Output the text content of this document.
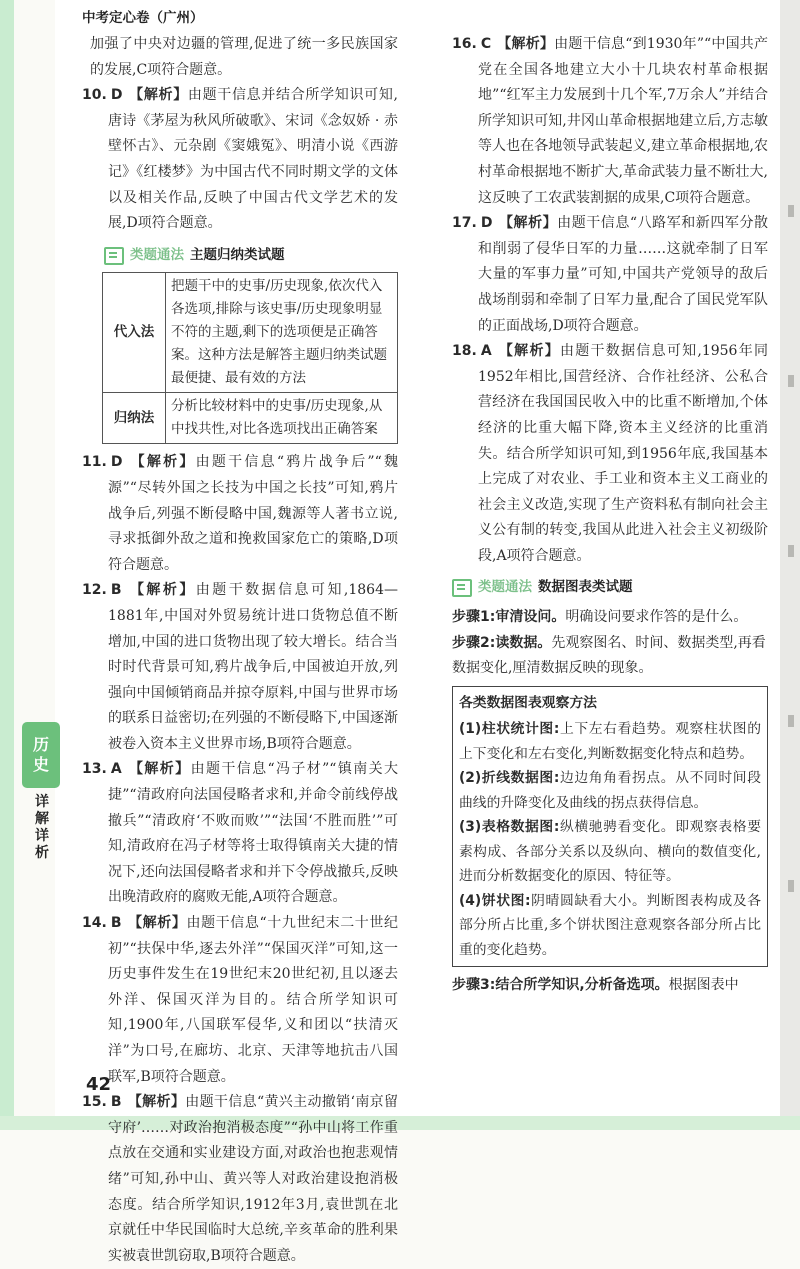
中考定心卷（广州）
历
史
详
解
详
析

加强了中央对边疆的管理,促进了统一多民族国家的发展,C项符合题意。

10. D 【解析】由题干信息并结合所学知识可知,唐诗《茅屋为秋风所破歌》、宋词《念奴娇 · 赤壁怀古》、元杂剧《窦娥冤》、明清小说《西游记》《红楼梦》为中国古代不同时期文学的文体以及相关作品,反映了中国古代文学艺术的发展,D项符合题意。

类题通法 主题归纳类试题
代入法	把题干中的史事/历史现象,依次代入各选项,排除与该史事/历史现象明显不符的主题,剩下的选项便是正确答案。这种方法是解答主题归纳类试题最便捷、最有效的方法
归纳法	分析比较材料中的史事/历史现象,从中找共性,对比各选项找出正确答案

11. D 【解析】由题干信息“鸦片战争后”“魏源”“尽转外国之长技为中国之长技”可知,鸦片战争后,列强不断侵略中国,魏源等人著书立说,寻求抵御外敌之道和挽救国家危亡的策略,D项符合题意。

12. B 【解析】由题干数据信息可知,1864—1881年,中国对外贸易统计进口货物总值不断增加,中国的进口货物出现了较大增长。结合当时时代背景可知,鸦片战争后,中国被迫开放,列强向中国倾销商品并掠夺原料,中国与世界市场的联系日益密切;在列强的不断侵略下,中国逐渐被卷入资本主义世界市场,B项符合题意。

13. A 【解析】由题干信息“冯子材”“镇南关大捷”“清政府向法国侵略者求和,并命令前线停战撤兵”“清政府‘不败而败’”“法国‘不胜而胜’”可知,清政府在冯子材等将士取得镇南关大捷的情况下,还向法国侵略者求和并下令停战撤兵,反映出晚清政府的腐败无能,A项符合题意。

14. B 【解析】由题干信息“十九世纪末二十世纪初”“扶保中华,逐去外洋”“保国灭洋”可知,这一历史事件发生在19世纪末20世纪初,且以逐去外洋、保国灭洋为目的。结合所学知识可知,1900年,八国联军侵华,义和团以“扶清灭洋”为口号,在廊坊、北京、天津等地抗击八国联军,B项符合题意。

15. B 【解析】由题干信息“黄兴主动撤销‘南京留守府’……对政治抱消极态度”“孙中山将工作重点放在交通和实业建设方面,对政治也抱悲观情绪”可知,孙中山、黄兴等人对政治建设抱消极态度。结合所学知识,1912年3月,袁世凯在北京就任中华民国临时大总统,辛亥革命的胜利果实被袁世凯窃取,B项符合题意。

16. C 【解析】由题干信息“到1930年”“中国共产党在全国各地建立大小十几块农村革命根据地”“红军主力发展到十几个军,7万余人”并结合所学知识可知,井冈山革命根据地建立后,方志敏等人也在各地领导武装起义,建立革命根据地,农村革命根据地不断扩大,革命武装力量不断壮大,这反映了工农武装割据的成果,C项符合题意。

17. D 【解析】由题干信息“八路军和新四军分散和削弱了侵华日军的力量……这就牵制了日军大量的军事力量”可知,中国共产党领导的敌后战场削弱和牵制了日军力量,配合了国民党军队的正面战场,D项符合题意。

18. A 【解析】由题干数据信息可知,1956年同1952年相比,国营经济、合作社经济、公私合营经济在我国国民收入中的比重不断增加,个体经济的比重大幅下降,资本主义经济的比重消失。结合所学知识可知,到1956年底,我国基本上完成了对农业、手工业和资本主义工商业的社会主义改造,实现了生产资料私有制向社会主义公有制的转变,我国从此进入社会主义初级阶段,A项符合题意。

类题通法 数据图表类试题

步骤1:审清设问。明确设问要求作答的是什么。

步骤2:读数据。先观察图名、时间、数据类型,再看数据变化,厘清数据反映的现象。

各类数据图表观察方法

(1)柱状统计图:上下左右看趋势。观察柱状图的上下变化和左右变化,判断数据变化特点和趋势。

(2)折线数据图:边边角角看拐点。从不同时间段曲线的升降变化及曲线的拐点获得信息。

(3)表格数据图:纵横驰骋看变化。即观察表格要素构成、各部分关系以及纵向、横向的数值变化,进而分析数据变化的原因、特征等。

(4)饼状图:阴晴圆缺看大小。判断图表构成及各部分所占比重,多个饼状图注意观察各部分所占比重的变化趋势。

步骤3:结合所学知识,分析备选项。根据图表中

42
